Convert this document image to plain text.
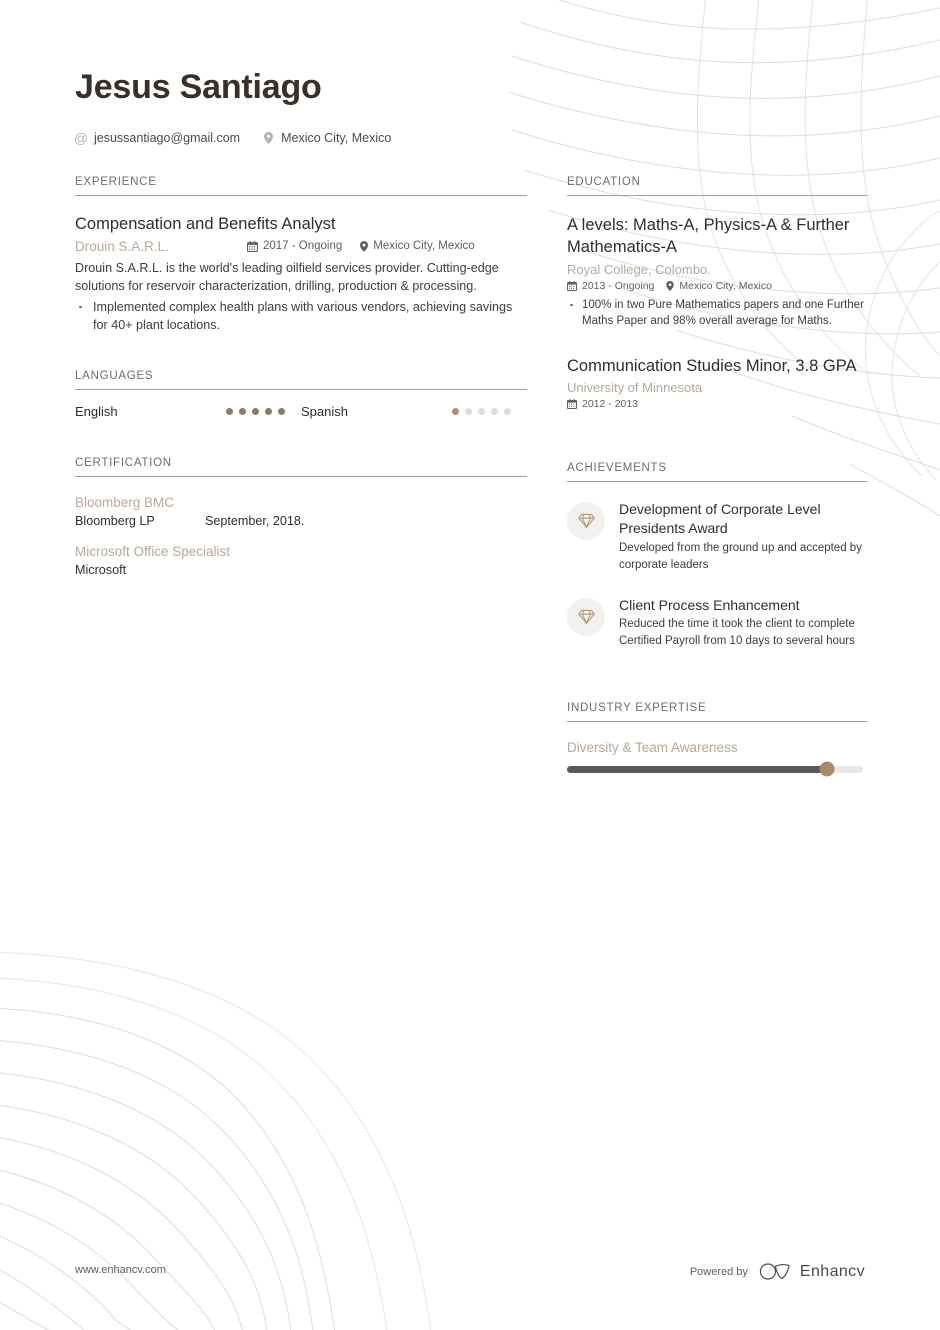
Jesus Santiago
@ jesussantiago@gmail.com	Mexico City, Mexico
EXPERIENCE
Compensation and Benefits Analyst
Drouin S.A.R.L.	2017 - Ongoing	Mexico City, Mexico
Drouin S.A.R.L. is the world's leading oilfield services provider. Cutting-edge solutions for reservoir characterization, drilling, production & processing.
Implemented complex health plans with various vendors, achieving savings for 40+ plant locations.
LANGUAGES
English	Spanish
CERTIFICATION
Bloomberg BMC
Bloomberg LP	September, 2018.
Microsoft Office Specialist
Microsoft
EDUCATION
A levels: Maths-A, Physics-A & Further Mathematics-A
Royal College, Colombo.
2013 - Ongoing Mexico City, Mexico
100% in two Pure Mathematics papers and one Further Maths Paper and 98% overall average for Maths.
Communication Studies Minor, 3.8 GPA
University of Minnesota
2012 - 2013
ACHIEVEMENTS
Development of Corporate Level Presidents Award
Developed from the ground up and accepted by corporate leaders
Client Process Enhancement
Reduced the time it took the client to complete Certified Payroll from 10 days to several hours
INDUSTRY EXPERTISE
Diversity & Team Awareness
www.enhancv.com	Powered by	Enhancv
